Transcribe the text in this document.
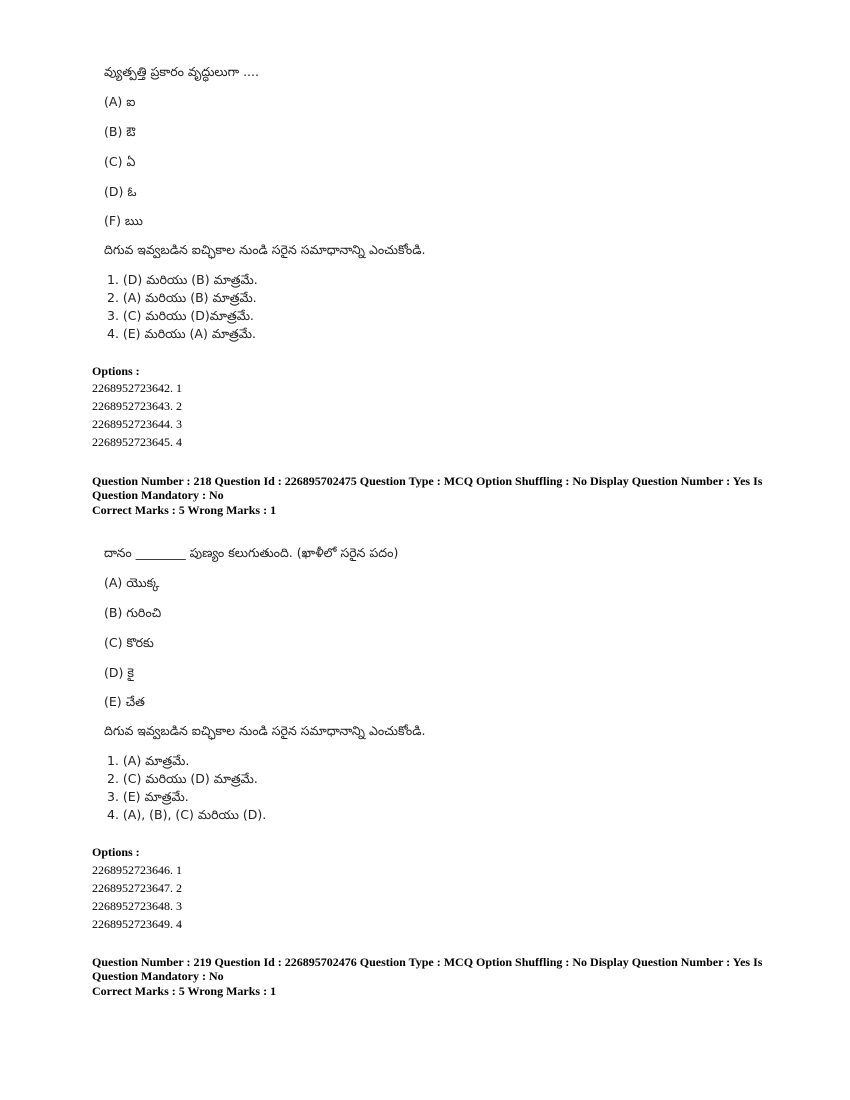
వ్యుత్పత్తి ప్రకారం వృద్ధులుగా ....
(A) ఐ
(B) ఔ
(C) ఏ
(D) ఓ
(F) ఋ
దిగువ ఇవ్వబడిన ఐచ్ఛికాల నుండి సరైన సమాధానాన్ని ఎంచుకోండి.
1. (D) మరియు (B) మాత్రమే.
2. (A) మరియు (B) మాత్రమే.
3. (C) మరియు (D)మాత్రమే.
4. (E) మరియు (A) మాత్రమే.
Options :
2268952723642. 1
2268952723643. 2
2268952723644. 3
2268952723645. 4
Question Number : 218 Question Id : 226895702475 Question Type : MCQ Option Shuffling : No Display Question Number : Yes Is
Question Mandatory : No
Correct Marks : 5 Wrong Marks : 1
దానం ________ పుణ్యం కలుగుతుంది. (ఖాళీలో సరైన పదం)
(A) యొక్క
(B) గురించి
(C) కొరకు
(D) కై
(E) చేత
దిగువ ఇవ్వబడిన ఐచ్ఛికాల నుండి సరైన సమాధానాన్ని ఎంచుకోండి.
1. (A) మాత్రమే.
2. (C) మరియు (D) మాత్రమే.
3. (E) మాత్రమే.
4. (A), (B), (C) మరియు (D).
Options :
2268952723646. 1
2268952723647. 2
2268952723648. 3
2268952723649. 4
Question Number : 219 Question Id : 226895702476 Question Type : MCQ Option Shuffling : No Display Question Number : Yes Is
Question Mandatory : No
Correct Marks : 5 Wrong Marks : 1
